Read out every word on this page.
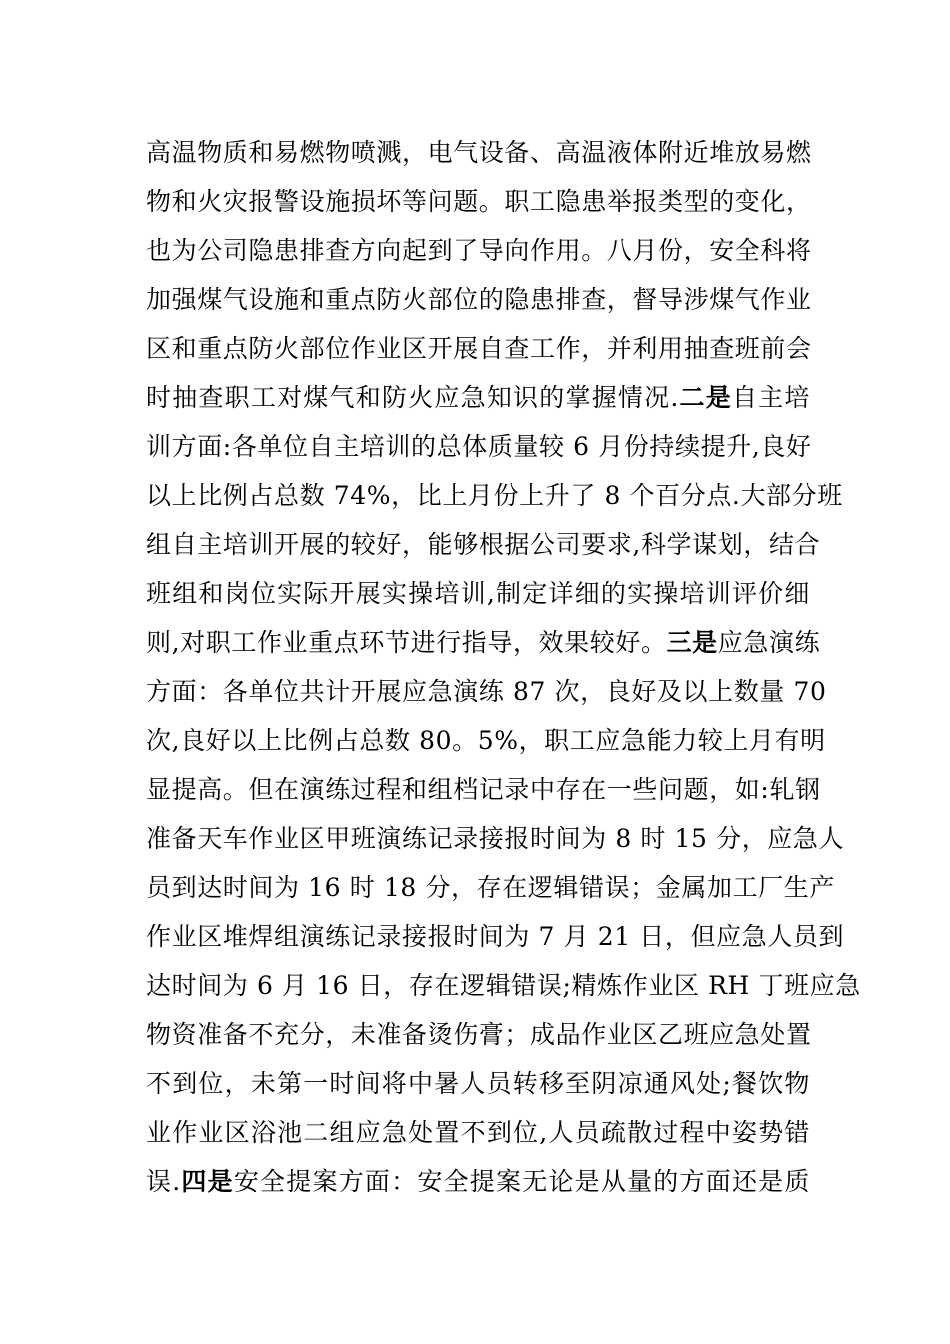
高温物质和易燃物喷溅，电气设备、高温液体附近堆放易燃
物和火灾报警设施损坏等问题。职工隐患举报类型的变化，
也为公司隐患排查方向起到了导向作用。八月份，安全科将
加强煤气设施和重点防火部位的隐患排查，督导涉煤气作业
区和重点防火部位作业区开展自查工作，并利用抽查班前会
时抽查职工对煤气和防火应急知识的掌握情况.二是自主培
训方面:各单位自主培训的总体质量较 6 月份持续提升,良好
以上比例占总数 74%，比上月份上升了 8 个百分点.大部分班
组自主培训开展的较好，能够根据公司要求,科学谋划，结合
班组和岗位实际开展实操培训,制定详细的实操培训评价细
则,对职工作业重点环节进行指导，效果较好。三是应急演练
方面：各单位共计开展应急演练 87 次，良好及以上数量 70
次,良好以上比例占总数 80。5%，职工应急能力较上月有明
显提高。但在演练过程和组档记录中存在一些问题，如:轧钢
准备天车作业区甲班演练记录接报时间为 8 时 15 分，应急人
员到达时间为 16 时 18 分，存在逻辑错误；金属加工厂生产
作业区堆焊组演练记录接报时间为 7 月 21 日，但应急人员到
达时间为 6 月 16 日，存在逻辑错误;精炼作业区 RH 丁班应急
物资准备不充分，未准备烫伤膏；成品作业区乙班应急处置
不到位，未第一时间将中暑人员转移至阴凉通风处;餐饮物
业作业区浴池二组应急处置不到位,人员疏散过程中姿势错
误.四是安全提案方面：安全提案无论是从量的方面还是质
